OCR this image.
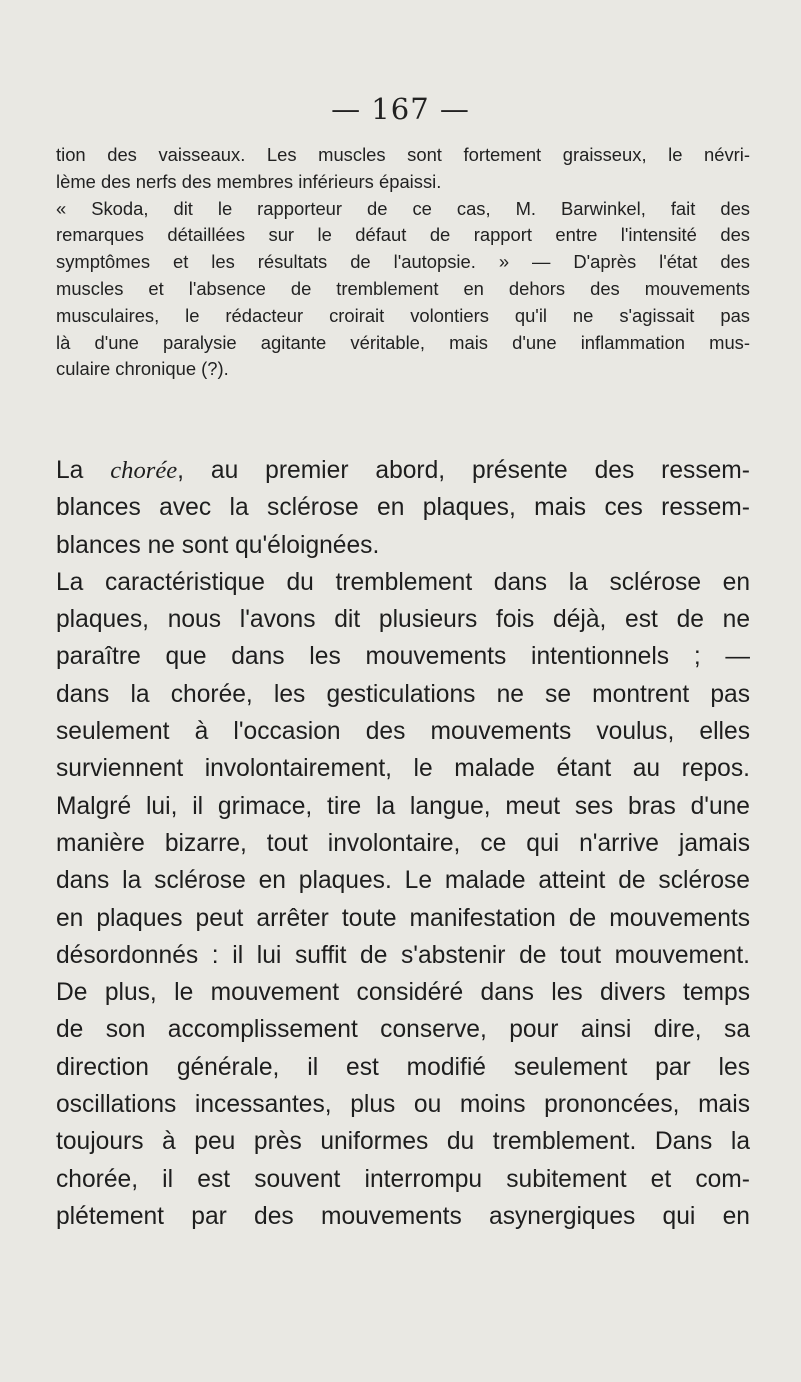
— 167 —
tion des vaisseaux. Les muscles sont fortement graisseux, le névri-
lème des nerfs des membres inférieurs épaissi.
« Skoda, dit le rapporteur de ce cas, M. Barwinkel, fait des
remarques détaillées sur le défaut de rapport entre l'intensité des
symptômes et les résultats de l'autopsie. » — D'après l'état des
muscles et l'absence de tremblement en dehors des mouvements
musculaires, le rédacteur croirait volontiers qu'il ne s'agissait pas
là d'une paralysie agitante véritable, mais d'une inflammation mus-
culaire chronique (?).
La chorée, au premier abord, présente des ressem-
blances avec la sclérose en plaques, mais ces ressem-
blances ne sont qu'éloignées.
La caractéristique du tremblement dans la sclérose en
plaques, nous l'avons dit plusieurs fois déjà, est de ne
paraître que dans les mouvements intentionnels ; —
dans la chorée, les gesticulations ne se montrent pas
seulement à l'occasion des mouvements voulus, elles
surviennent involontairement, le malade étant au repos.
Malgré lui, il grimace, tire la langue, meut ses bras d'une
manière bizarre, tout involontaire, ce qui n'arrive jamais
dans la sclérose en plaques. Le malade atteint de sclérose
en plaques peut arrêter toute manifestation de mouvements
désordonnés : il lui suffit de s'abstenir de tout mouvement.
De plus, le mouvement considéré dans les divers temps
de son accomplissement conserve, pour ainsi dire, sa
direction générale, il est modifié seulement par les
oscillations incessantes, plus ou moins prononcées, mais
toujours à peu près uniformes du tremblement. Dans la
chorée, il est souvent interrompu subitement et com-
plétement par des mouvements asynergiques qui en
